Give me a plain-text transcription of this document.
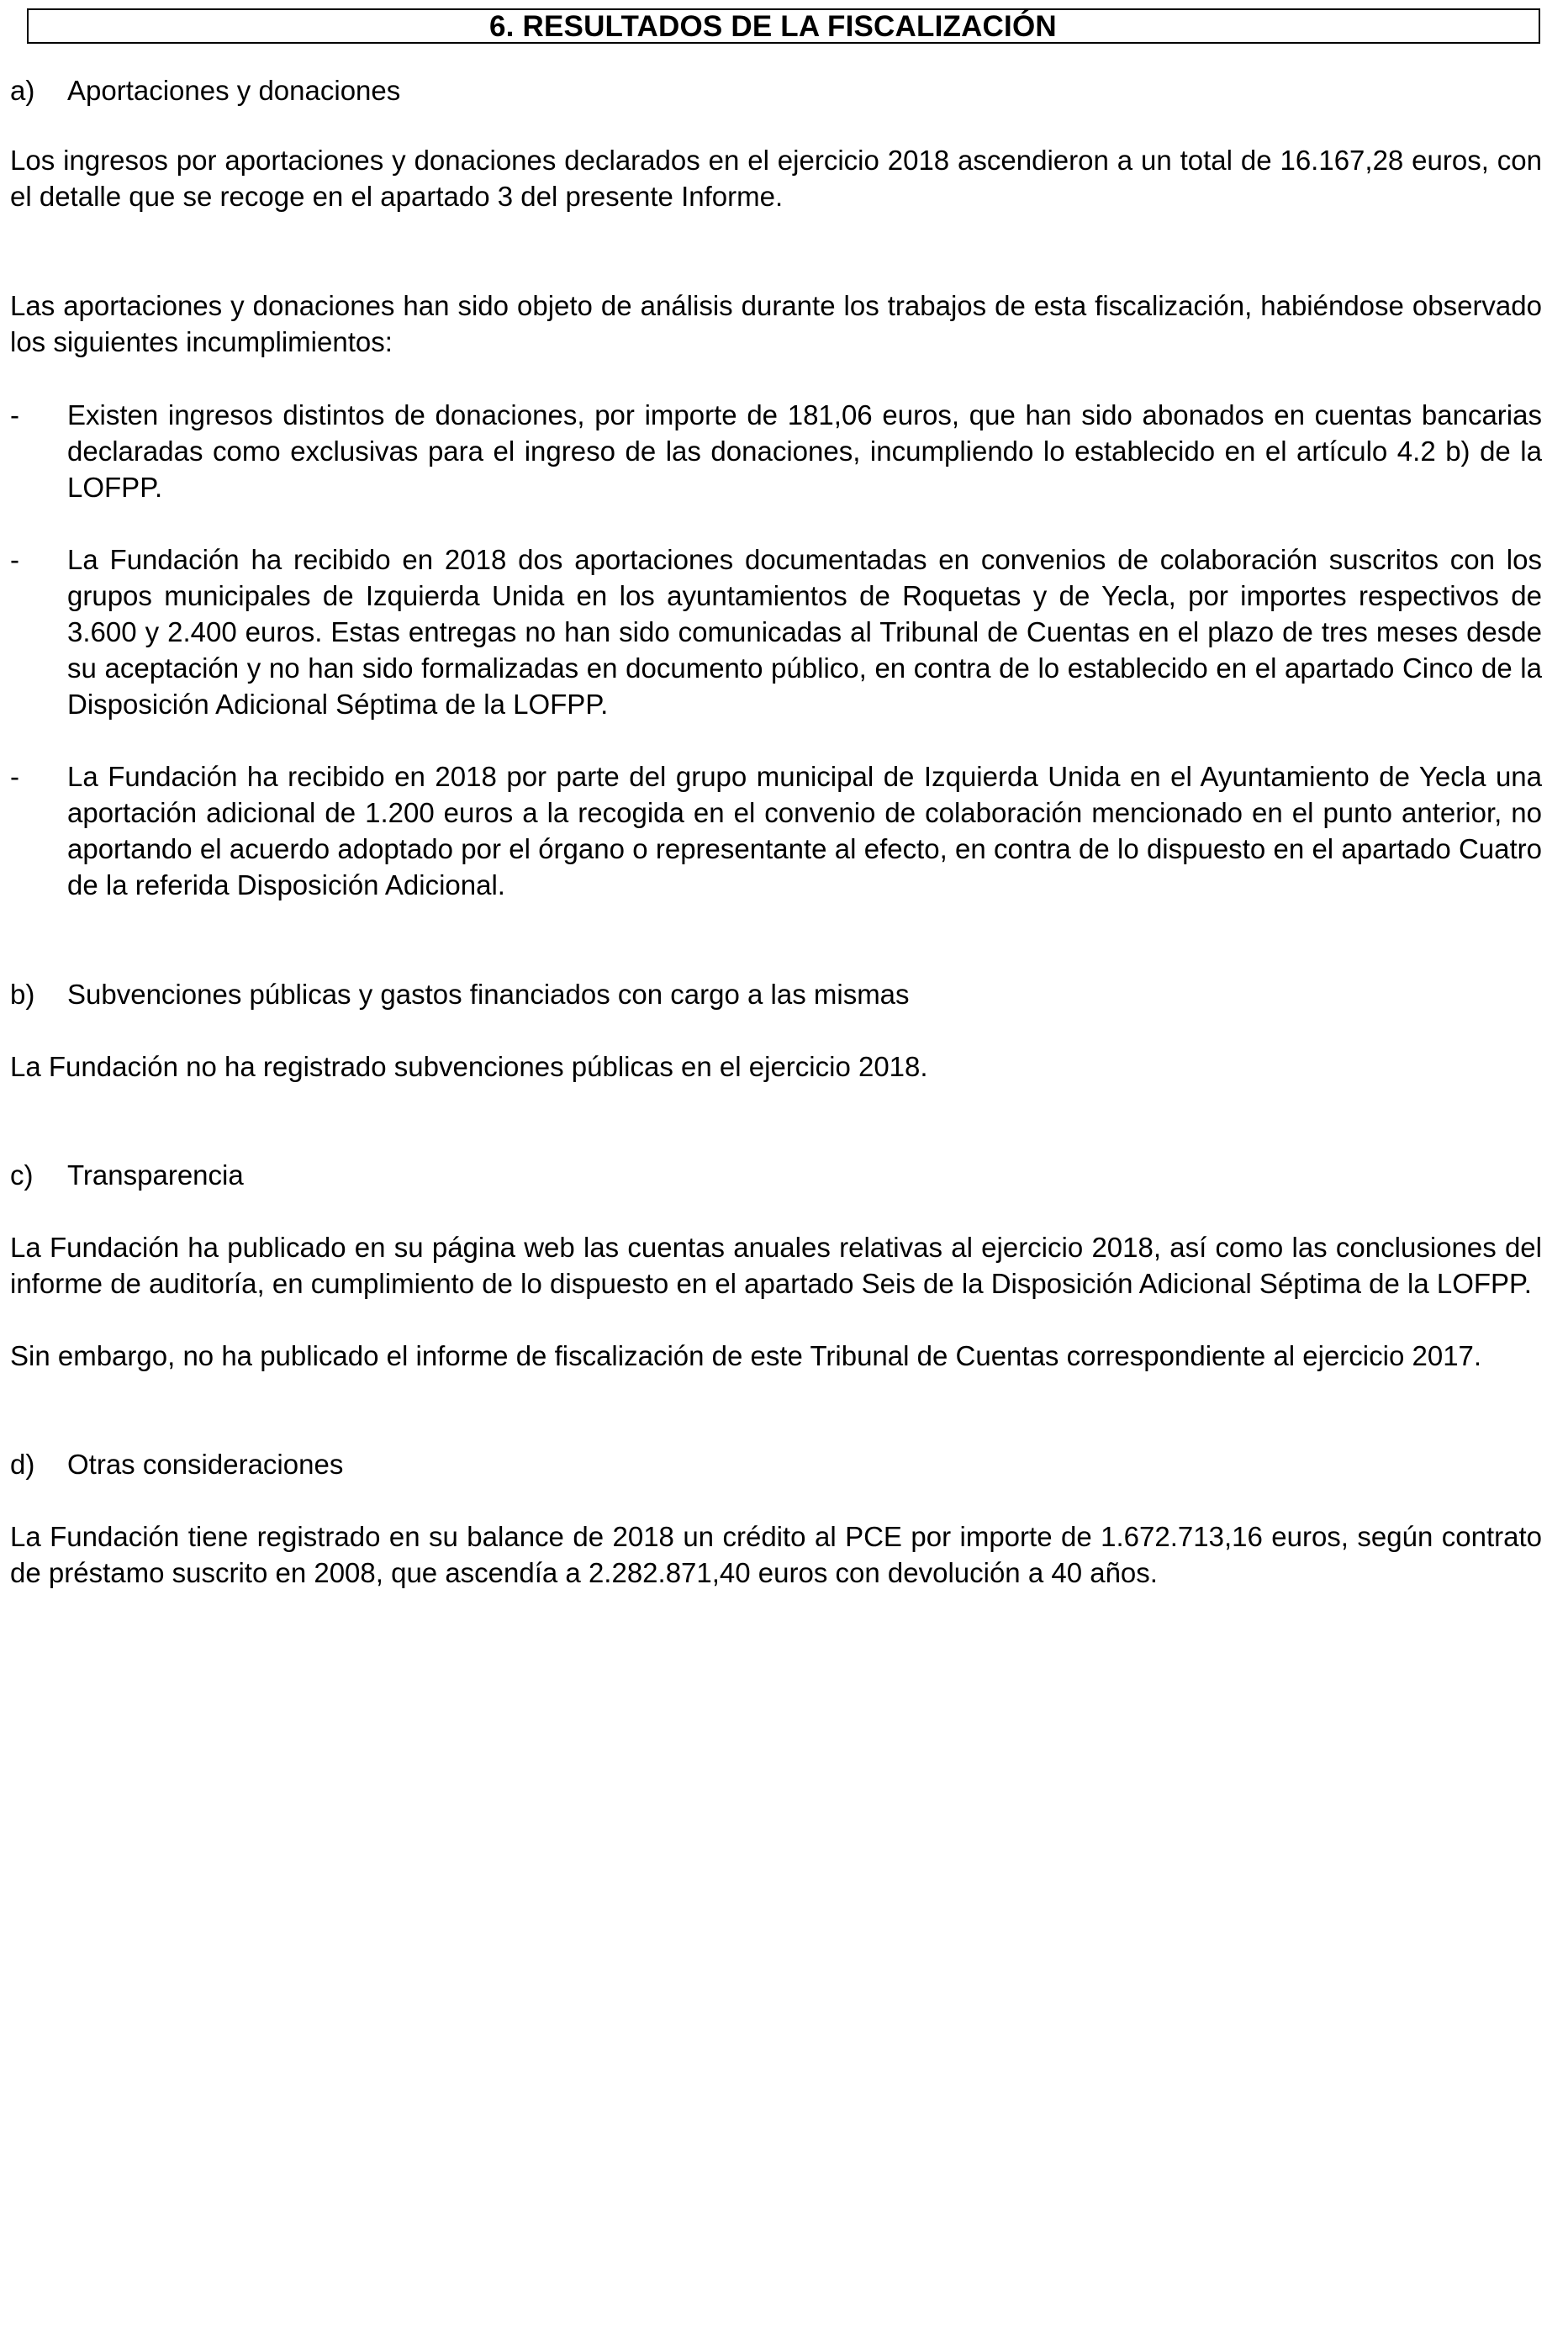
6. RESULTADOS DE LA FISCALIZACIÓN
a)	Aportaciones y donaciones

Los ingresos por aportaciones y donaciones declarados en el ejercicio 2018 ascendieron a un total de 16.167,28 euros, con el detalle que se recoge en el apartado 3 del presente Informe.

Las aportaciones y donaciones han sido objeto de análisis durante los trabajos de esta fiscalización, habiéndose observado los siguientes incumplimientos:

-	Existen ingresos distintos de donaciones, por importe de 181,06 euros, que han sido abonados en cuentas bancarias declaradas como exclusivas para el ingreso de las donaciones, incumpliendo lo establecido en el artículo 4.2 b) de la LOFPP.
-	La Fundación ha recibido en 2018 dos aportaciones documentadas en convenios de colaboración suscritos con los grupos municipales de Izquierda Unida en los ayuntamientos de Roquetas y de Yecla, por importes respectivos de 3.600 y 2.400 euros. Estas entregas no han sido comunicadas al Tribunal de Cuentas en el plazo de tres meses desde su aceptación y no han sido formalizadas en documento público, en contra de lo establecido en el apartado Cinco de la Disposición Adicional Séptima de la LOFPP.
-	La Fundación ha recibido en 2018 por parte del grupo municipal de Izquierda Unida en el Ayuntamiento de Yecla una aportación adicional de 1.200 euros a la recogida en el convenio de colaboración mencionado en el punto anterior, no aportando el acuerdo adoptado por el órgano o representante al efecto, en contra de lo dispuesto en el apartado Cuatro de la referida Disposición Adicional.
b)	Subvenciones públicas y gastos financiados con cargo a las mismas

La Fundación no ha registrado subvenciones públicas en el ejercicio 2018.

c)	Transparencia

La Fundación ha publicado en su página web las cuentas anuales relativas al ejercicio 2018, así como las conclusiones del informe de auditoría, en cumplimiento de lo dispuesto en el apartado Seis de la Disposición Adicional Séptima de la LOFPP.

Sin embargo, no ha publicado el informe de fiscalización de este Tribunal de Cuentas correspondiente al ejercicio 2017.

d)	Otras consideraciones

La Fundación tiene registrado en su balance de 2018 un crédito al PCE por importe de 1.672.713,16 euros, según contrato de préstamo suscrito en 2008, que ascendía a 2.282.871,40 euros con devolución a 40 años.
